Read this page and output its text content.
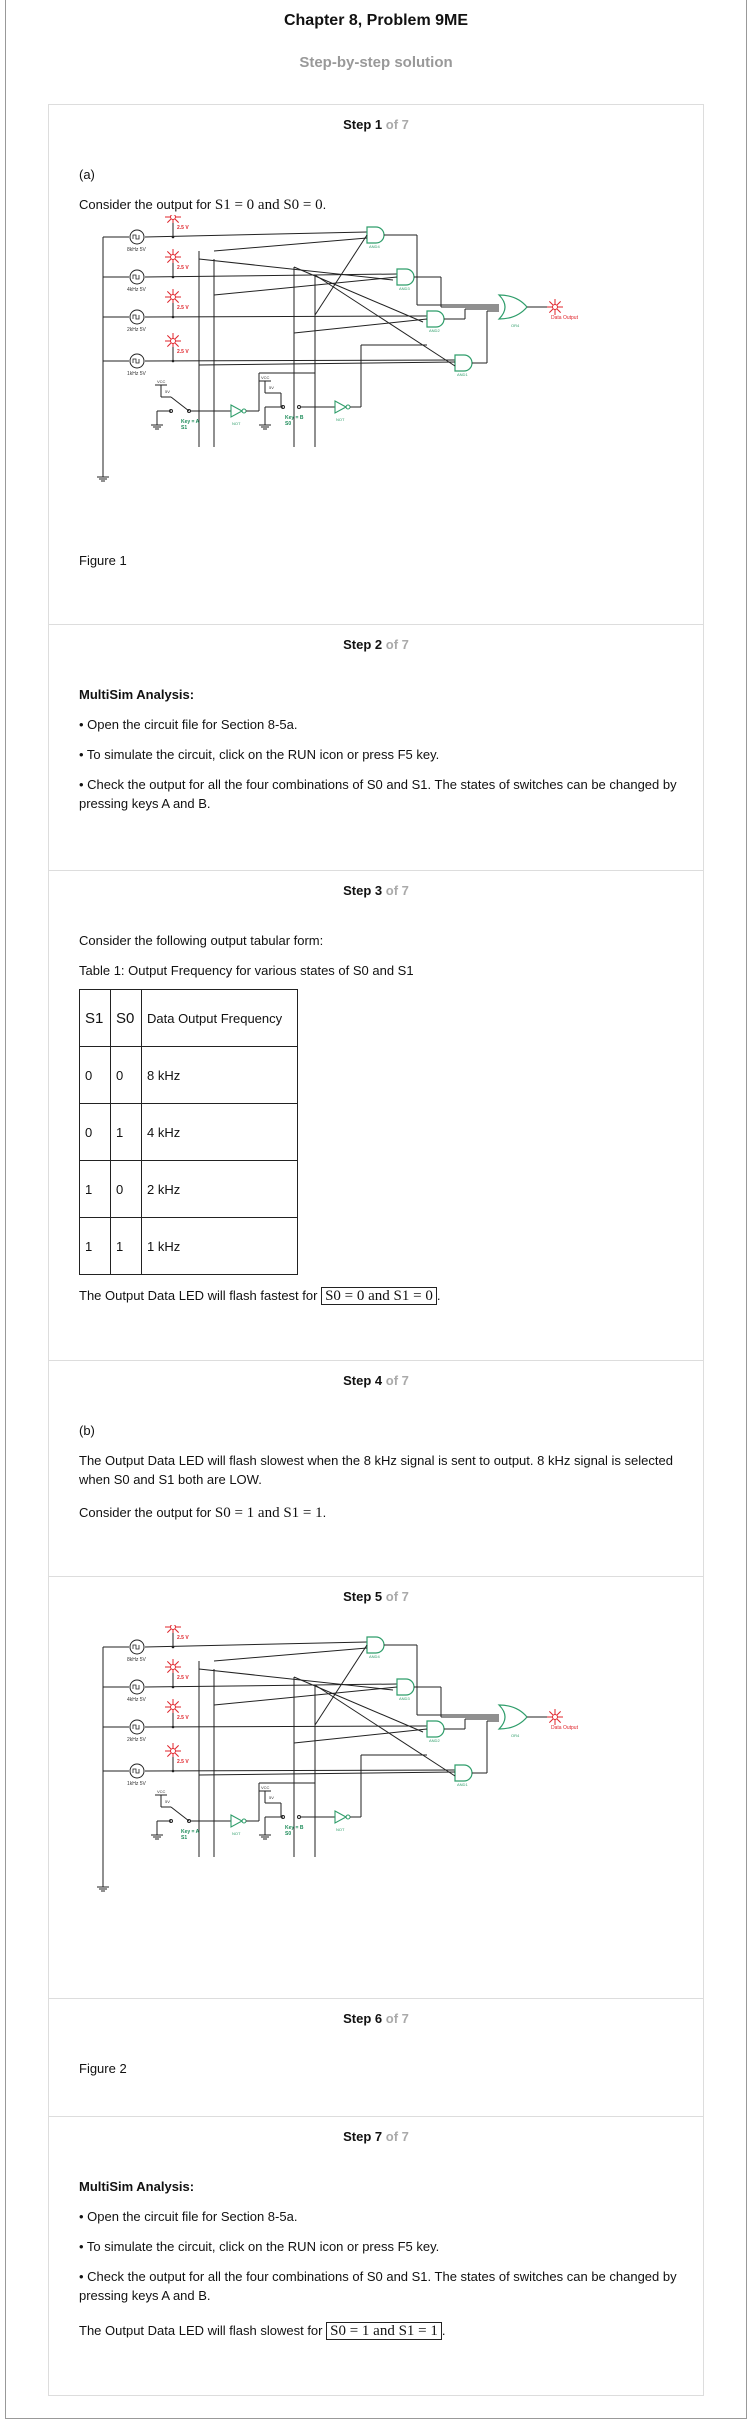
Chapter 8, Problem 9ME
Step-by-step solution
Step 1 of 7
(a)
Consider the output for S1 = 0 and S0 = 0.
8kHz 5V
2.5 V
4kHz 5V
2.5 V
2kHz 5V
2.5 V
1kHz 5V
2.5 V
AND4
AND3
AND2
AND1
OR4
Data Output
VCC
5V
Key = A
S1
NOT
VCC
5V
Key = B
S0
NOT
Figure 1
Step 2 of 7
MultiSim Analysis:
• Open the circuit file for Section 8-5a.
• To simulate the circuit, click on the RUN icon or press F5 key.
• Check the output for all the four combinations of S0 and S1. The states of switches can be changed by pressing keys A and B.
Step 3 of 7
Consider the following output tabular form:
Table 1: Output Frequency for various states of S0 and S1
S1	S0	Data Output Frequency
0	0	8 kHz
0	1	4 kHz
1	0	2 kHz
1	1	1 kHz
The Output Data LED will flash fastest for S0 = 0 and S1 = 0 .
Step 4 of 7
(b)
The Output Data LED will flash slowest when the 8 kHz signal is sent to output. 8 kHz signal is selected when S0 and S1 both are LOW.
Consider the output for S0 = 1 and S1 = 1.
Step 5 of 7
8kHz 5V
2.5 V
4kHz 5V
2.5 V
2kHz 5V
2.5 V
1kHz 5V
2.5 V
AND4
AND3
AND2
AND1
OR4
Data Output
VCC
5V
Key = A
S1
NOT
VCC
5V
Key = B
S0
NOT
Step 6 of 7
Figure 2
Step 7 of 7
MultiSim Analysis:
• Open the circuit file for Section 8-5a.
• To simulate the circuit, click on the RUN icon or press F5 key.
• Check the output for all the four combinations of S0 and S1. The states of switches can be changed by pressing keys A and B.
The Output Data LED will flash slowest for S0 = 1 and S1 = 1 .
